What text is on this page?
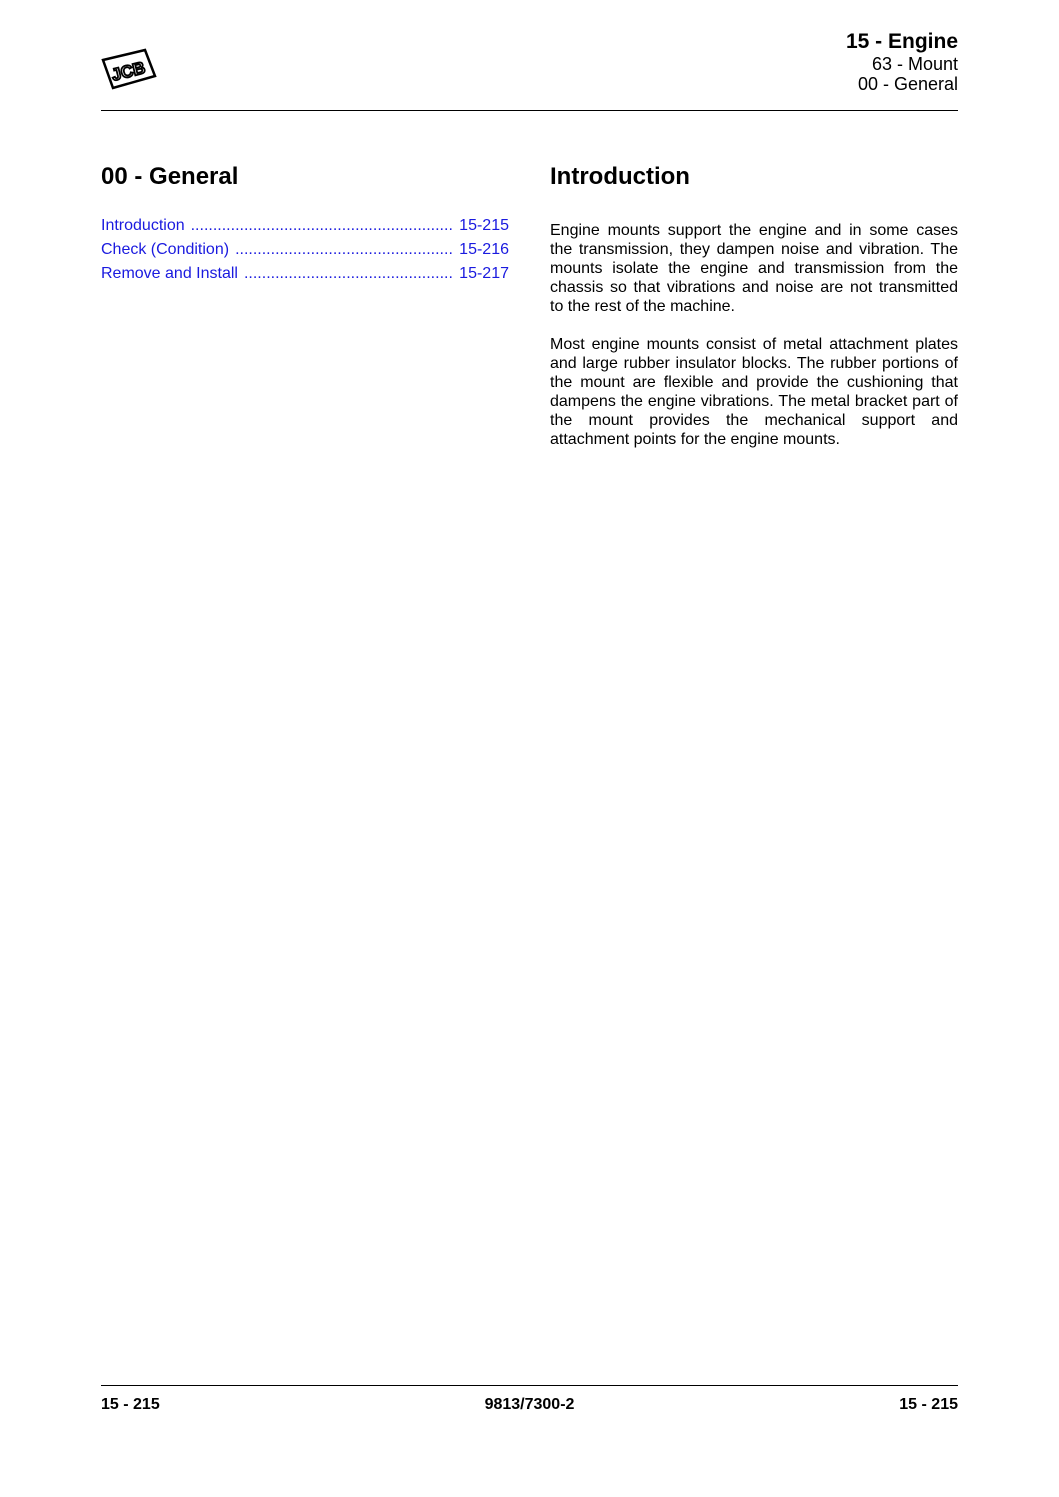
JCB
15 - Engine
63 - Mount
00 - General
00 - General
Introduction .....	15-215
Check (Condition) .....	15-216
Remove and Install .....	15-217
Introduction

Engine mounts support the engine and in some cases the transmission, they dampen noise and vibration. The mounts isolate the engine and transmission from the chassis so that vibrations and noise are not transmitted to the rest of the machine.

Most engine mounts consist of metal attachment plates and large rubber insulator blocks. The rubber portions of the mount are flexible and provide the cushioning that dampens the engine vibrations. The metal bracket part of the mount provides the mechanical support and attachment points for the engine mounts.

15 - 215	9813/7300-2	15 - 215
